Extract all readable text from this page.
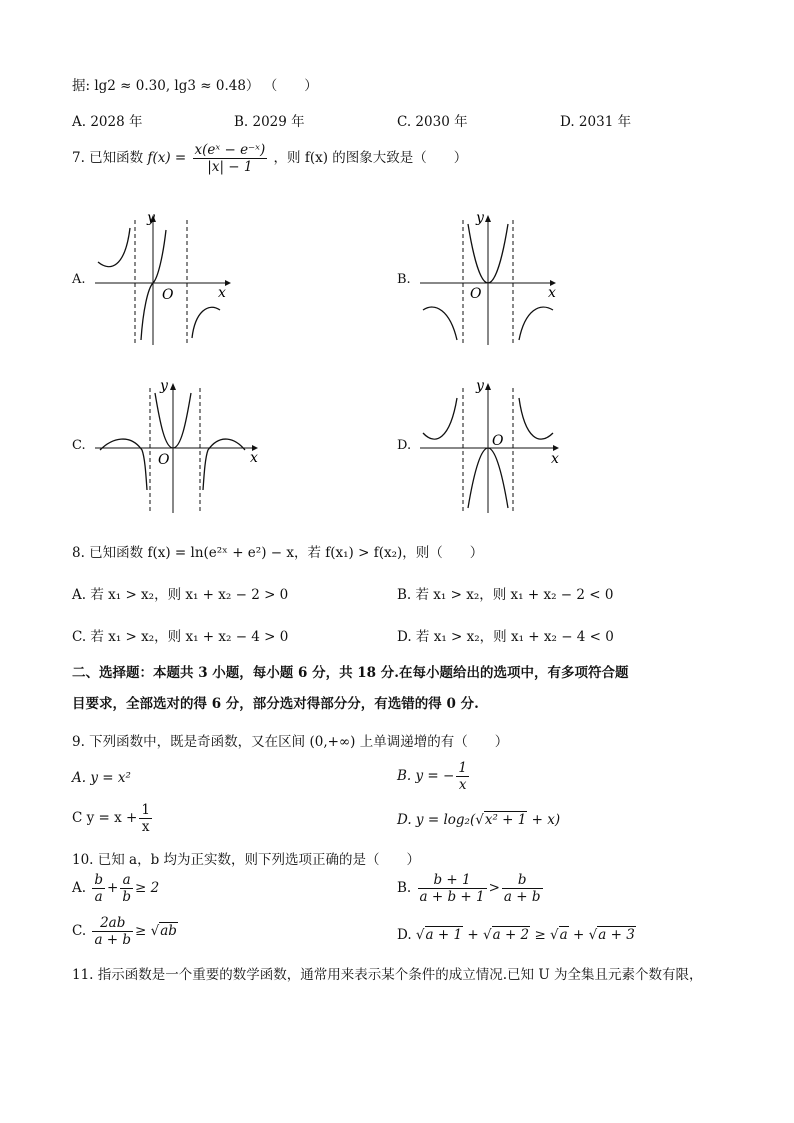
据: lg2 ≈ 0.30, lg3 ≈ 0.48） （　　）
A. 2028 年	B. 2029 年	C. 2030 年	D. 2031 年
7. 已知函数 $f(x) = \frac{\text{x(eˣ − e⁻ˣ)}}{|x| - 1}$ ，则 f(x) 的图象大致是（　　）
A.	B.
C.	D.
y
x
O
y
x
O
y
x
O
y
x
O
8. 已知函数 f(x) = ln(e²ˣ + e²) − x，若 f(x₁) > f(x₂)，则（　　）
A. 若 x₁ > x₂，则 x₁ + x₂ − 2 > 0	B. 若 x₁ > x₂，则 x₁ + x₂ − 2 < 0
C. 若 x₁ > x₂，则 x₁ + x₂ − 4 > 0	D. 若 x₁ > x₂，则 x₁ + x₂ − 4 < 0
二、选择题：本题共 3 小题，每小题 6 分，共 18 分.在每小题给出的选项中，有多项符合题
目要求，全部选对的得 6 分，部分选对得部分分，有选错的得 0 分.
9. 下列函数中，既是奇函数，又在区间 (0,+∞) 上单调递增的有（　　）
A. y = x²	B. y = − $\frac{1}{x}$
C $y = x + \frac{1}{x}$	D. y = log₂(√x² + 1 + x)
10. 已知 a，b 均为正实数，则下列选项正确的是（　　）
A. $\frac{b}{a} + \frac{a}{b} \ge 2$	B. $\frac{b + 1}{a + b + 1} > \frac{b}{a + b}$
C. $\frac{2ab}{a + b} \ge √ab$	D. √a + 1 + √a + 2 ≥ √a + √a + 3
11. 指示函数是一个重要的数学函数，通常用来表示某个条件的成立情况.已知 U 为全集且元素个数有限，
